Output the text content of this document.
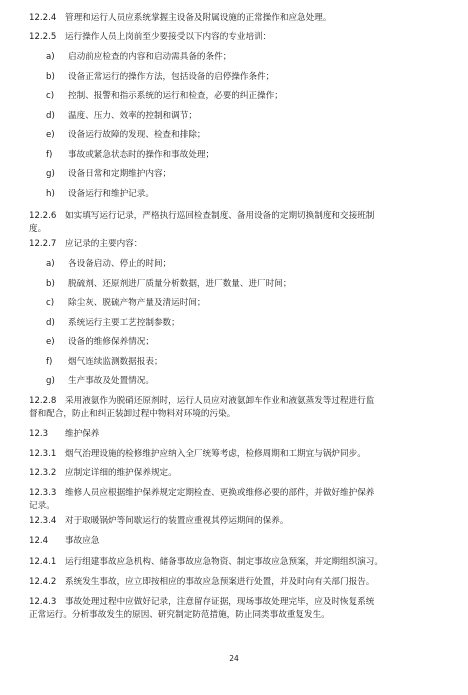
12.2.4 管理和运行人员应系统掌握主设备及附属设施的正常操作和应急处理。
12.2.5 运行操作人员上岗前至少要接受以下内容的专业培训：
a) 启动前应检查的内容和启动需具备的条件；
b) 设备正常运行的操作方法，包括设备的启停操作条件；
c) 控制、报警和指示系统的运行和检查，必要的纠正操作；
d) 温度、压力、效率的控制和调节；
e) 设备运行故障的发现、检查和排除；
f) 事故或紧急状态时的操作和事故处理；
g) 设备日常和定期维护内容；
h) 设备运行和维护记录。
12.2.6 如实填写运行记录，严格执行巡回检查制度、备用设备的定期切换制度和交接班制
度。
12.2.7 应记录的主要内容：
a) 各设备启动、停止的时间；
b) 脱硫剂、还原剂进厂质量分析数据，进厂数量、进厂时间；
c) 除尘灰、脱硫产物产量及清运时间；
d) 系统运行主要工艺控制参数；
e) 设备的维修保养情况；
f) 烟气连续监测数据报表；
g) 生产事故及处置情况。
12.2.8 采用液氨作为脱硝还原剂时，运行人员应对液氨卸车作业和液氨蒸发等过程进行监
督和配合，防止和纠正装卸过程中物料对环境的污染。
12.3 维护保养
12.3.1 烟气治理设施的检修维护应纳入全厂统筹考虑，检修周期和工期宜与锅炉同步。
12.3.2 应制定详细的维护保养规定。
12.3.3 维修人员应根据维护保养规定定期检查、更换或维修必要的部件，并做好维护保养
记录。
12.3.4 对于取暖锅炉等间歇运行的装置应重视其停运期间的保养。
12.4 事故应急
12.4.1 运行组建事故应急机构、储备事故应急物资、制定事故应急预案，并定期组织演习。
12.4.2 系统发生事故，应立即按相应的事故应急预案进行处置，并及时向有关部门报告。
12.4.3 事故处理过程中应做好记录，注意留存证据，现场事故处理完毕，应及时恢复系统
正常运行。分析事故发生的原因、研究制定防范措施，防止同类事故重复发生。
24
